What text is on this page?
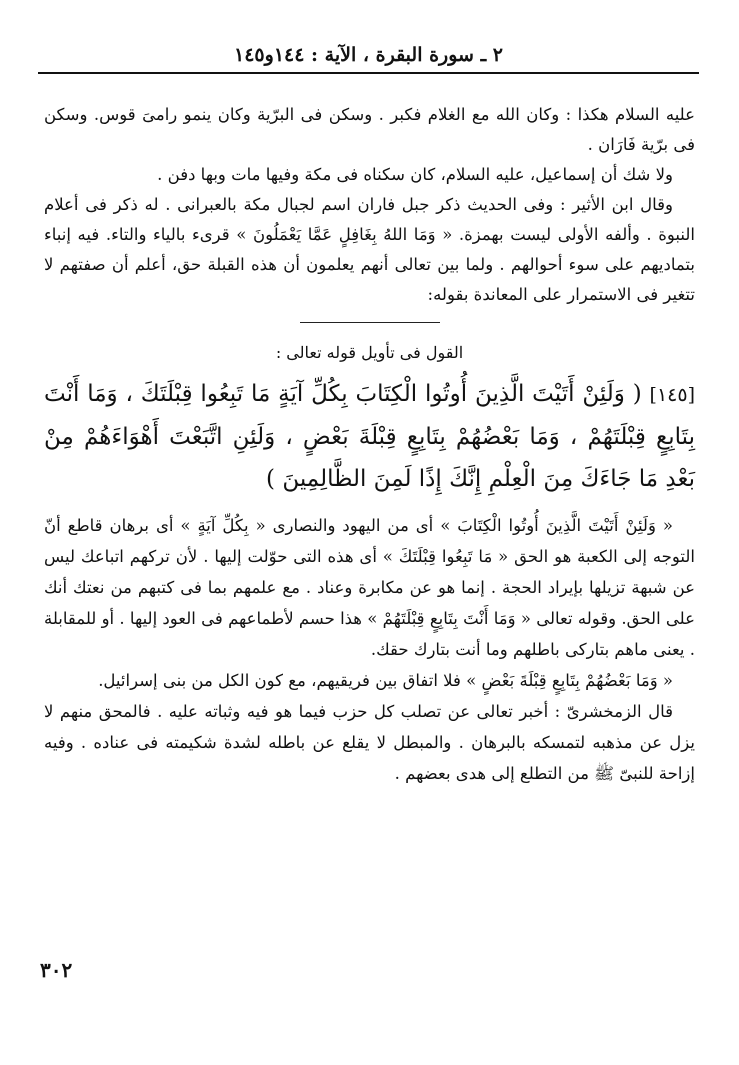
٢ ـ سورة البقرة ، الآية : ١٤٤و١٤٥

عليه السلام هكذا : وكان الله مع الغلام فكبر . وسكن فى البرّية وكان ينمو رامىَ قوس. وسكن فى برّية فَارَان .

ولا شك أن إسماعيل، عليه السلام، كان سكناه فى مكة وفيها مات وبها دفن .

وقال ابن الأثير : وفى الحديث ذكر جبل فاران اسم لجبال مكة بالعبرانى . له ذكر فى أعلام النبوة . وألفه الأولى ليست بهمزة. « وَمَا اللهُ بِغَافِلٍ عَمَّا يَعْمَلُونَ » قرىء بالياء والتاء. فيه إنباء بتماديهم على سوء أحوالهم . ولما بين تعالى أنهم يعلمون أن هذه القبلة حق، أعلم أن صفتهم لا تتغير فى الاستمرار على المعاندة بقوله:

القول فى تأويل قوله تعالى :
[١٤٥] ( وَلَئِنْ أَتَيْتَ الَّذِينَ أُوتُوا الْكِتَابَ بِكُلِّ آيَةٍ مَا تَبِعُوا قِبْلَتَكَ ، وَمَا أَنْتَ بِتَابِعٍ قِبْلَتَهُمْ ، وَمَا بَعْضُهُمْ بِتَابِعٍ قِبْلَةَ بَعْضٍ ، وَلَئِنِ اتَّبَعْتَ أَهْوَاءَهُمْ مِنْ بَعْدِ مَا جَاءَكَ مِنَ الْعِلْمِ إِنَّكَ إِذًا لَمِنَ الظَّالِمِينَ )

« وَلَئِنْ أَتَيْتَ الَّذِينَ أُوتُوا الْكِتَابَ » أى من اليهود والنصارى « بِكُلِّ آيَةٍ » أى برهان قاطع أنّ التوجه إلى الكعبة هو الحق « مَا تَبِعُوا قِبْلَتَكَ » أى هذه التى حوّلت إليها . لأن تركهم اتباعك ليس عن شبهة تزيلها بإيراد الحجة . إنما هو عن مكابرة وعناد . مع علمهم بما فى كتبهم من نعتك أنك على الحق. وقوله تعالى « وَمَا أَنْتَ بِتَابِعٍ قِبْلَتَهُمْ » هذا حسم لأطماعهم فى العود إليها . أو للمقابلة . يعنى ماهم بتاركى باطلهم وما أنت بتارك حقك.

« وَمَا بَعْضُهُمْ بِتَابِعٍ قِبْلَةَ بَعْضٍ » فلا اتفاق بين فريقيهم، مع كون الكل من بنى إسرائيل.

قال الزمخشرىّ : أخبر تعالى عن تصلب كل حزب فيما هو فيه وثباته عليه . فالمحق منهم لا يزل عن مذهبه لتمسكه بالبرهان . والمبطل لا يقلع عن باطله لشدة شكيمته فى عناده . وفيه إزاحة للنبىّ ﷺ من التطلع إلى هدى بعضهم .

٣٠٢
